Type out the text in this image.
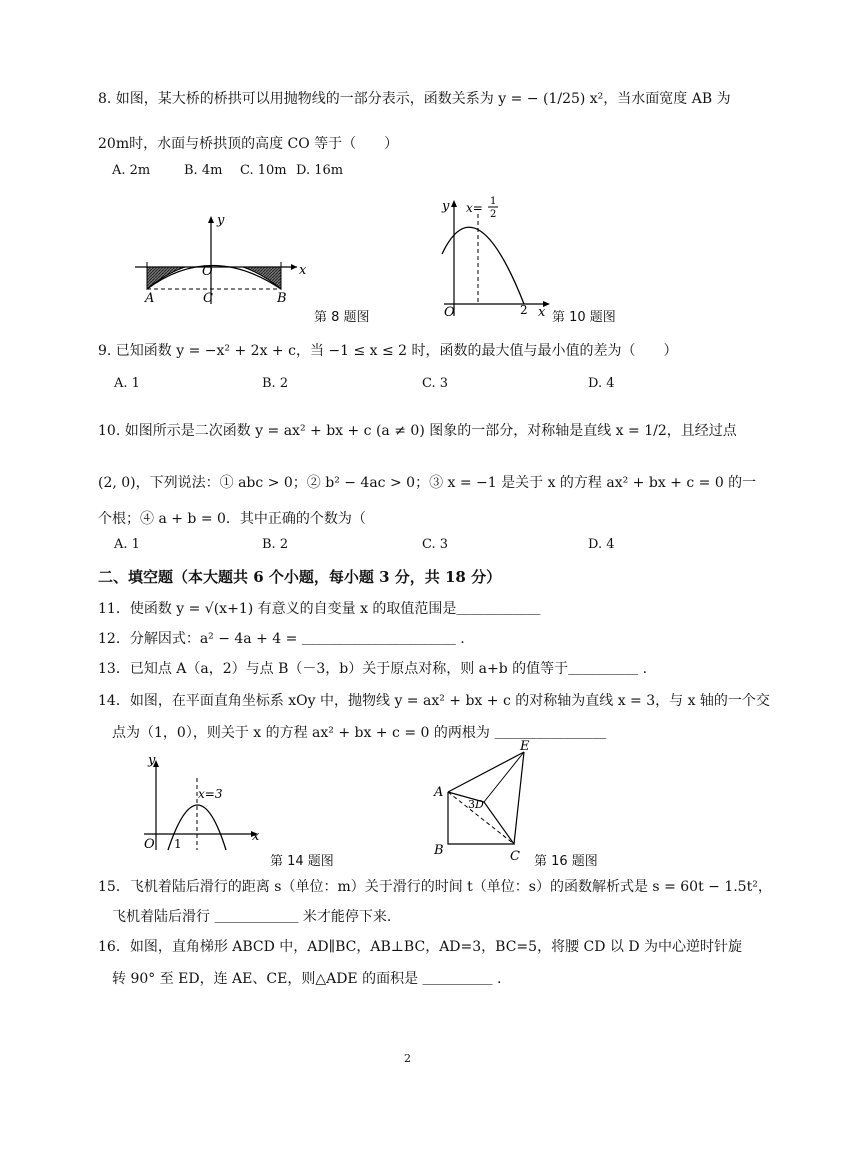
8. 如图，某大桥的桥拱可以用抛物线的一部分表示，函数关系为 y = − (1/25) x²，当水面宽度 AB 为
20m时，水面与桥拱顶的高度 CO 等于（　　）
A. 2m	B. 4m C. 10m D. 16m
y
x
O
A	C	B
第 8 题图
y
x
O	2
x= 1
2
第 10 题图
9. 已知函数 y = −x² + 2x + c，当 −1 ≤ x ≤ 2 时，函数的最大值与最小值的差为（　　）
A. 1	B. 2	C. 3	D. 4
10. 如图所示是二次函数 y = ax² + bx + c (a ≠ 0) 图象的一部分，对称轴是直线 x = 1/2，且经过点
(2, 0)，下列说法：① abc > 0；② b² − 4ac > 0；③ x = −1 是关于 x 的方程 ax² + bx + c = 0 的一
个根；④ a + b = 0．其中正确的个数为（
A. 1	B. 2	C. 3	D. 4
二、填空题（本大题共 6 个小题，每小题 3 分，共 18 分）
11．使函数 y = √(x+1) 有意义的自变量 x 的取值范围是＿＿＿＿＿＿
12．分解因式：a² − 4a + 4 = ＿＿＿＿＿＿＿＿＿＿＿ .
13．已知点 A（a，2）与点 B（－3，b）关于原点对称，则 a+b 的值等于＿＿＿＿＿ .
14．如图，在平面直角坐标系 xOy 中，抛物线 y = ax² + bx + c 的对称轴为直线 x = 3，与 x 轴的一个交
点为（1，0），则关于 x 的方程 ax² + bx + c = 0 的两根为 ＿＿＿＿＿＿＿＿
y
x
O 1
x=3
第 14 题图
A
B	C
3 D
E
第 16 题图
15．飞机着陆后滑行的距离 s（单位：m）关于滑行的时间 t（单位：s）的函数解析式是 s = 60t − 1.5t²，
飞机着陆后滑行 ＿＿＿＿＿＿ 米才能停下来.
16．如图，直角梯形 ABCD 中，AD∥BC，AB⊥BC，AD=3，BC=5，将腰 CD 以 D 为中心逆时针旋
转 90° 至 ED，连 AE、CE，则△ADE 的面积是 ＿＿＿＿＿ .
2
